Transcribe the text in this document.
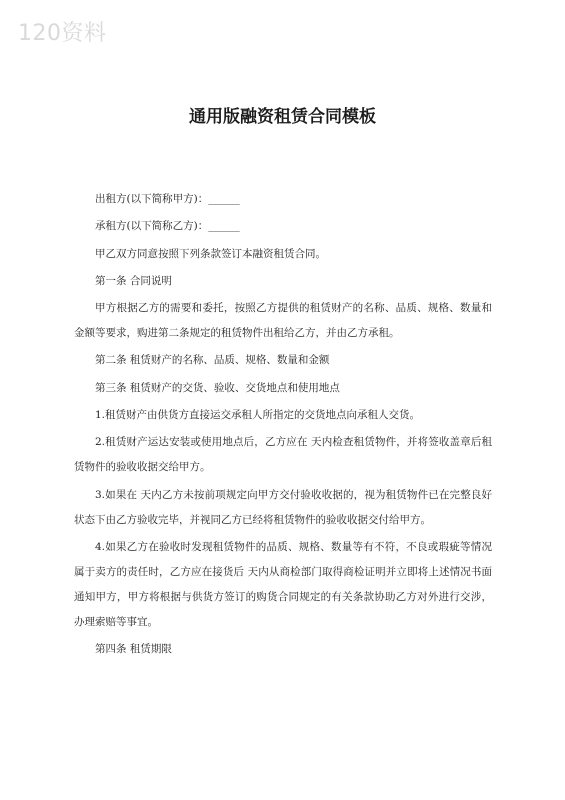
120资料
通用版融资租赁合同模板

出租方(以下简称甲方)：______

承租方(以下简称乙方)：______

甲乙双方同意按照下列条款签订本融资租赁合同。

第一条 合同说明

甲方根据乙方的需要和委托，按照乙方提供的租赁财产的名称、品质、规格、数量和金额等要求，购进第二条规定的租赁物件出租给乙方，并由乙方承租。

第二条 租赁财产的名称、品质、规格、数量和金额

第三条 租赁财产的交货、验收、交货地点和使用地点

1.租赁财产由供货方直接运交承租人所指定的交货地点向承租人交货。

2.租赁财产运达安装或使用地点后，乙方应在 天内检查租赁物件，并将签收盖章后租赁物件的验收收据交给甲方。

3.如果在 天内乙方未按前项规定向甲方交付验收收据的，视为租赁物件已在完整良好状态下由乙方验收完毕，并视同乙方已经将租赁物件的验收收据交付给甲方。

4.如果乙方在验收时发现租赁物件的品质、规格、数量等有不符，不良或瑕疵等情况属于卖方的责任时，乙方应在接货后 天内从商检部门取得商检证明并立即将上述情况书面通知甲方，甲方将根据与供货方签订的购货合同规定的有关条款协助乙方对外进行交涉，办理索赔等事宜。

第四条 租赁期限
